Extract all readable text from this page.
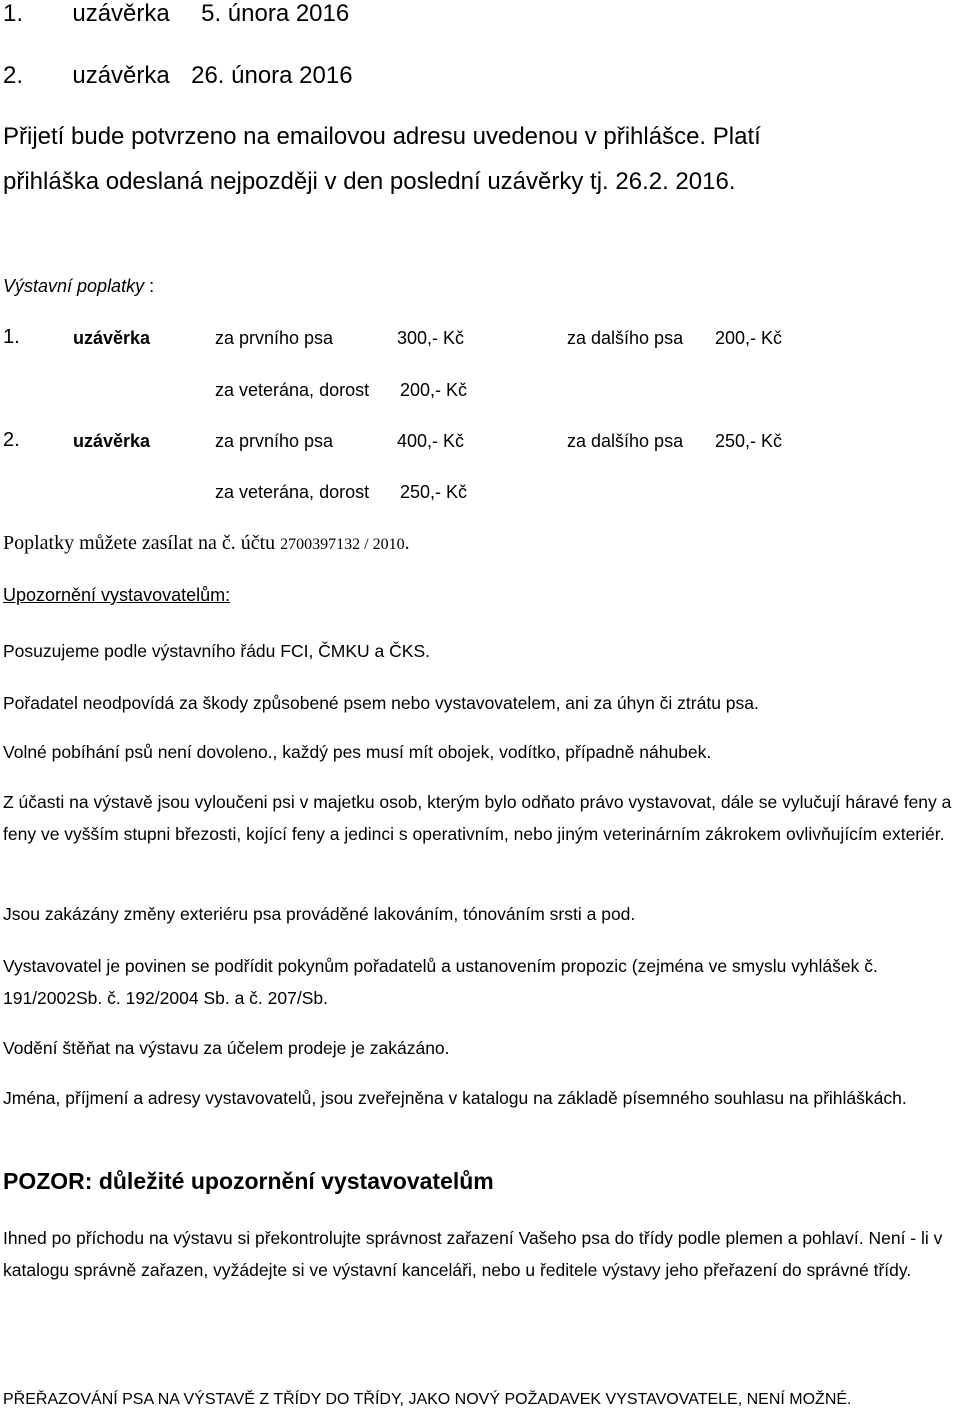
1. uzávěrka 5. února 2016
2. uzávěrka 26. února 2016
Přijetí bude potvrzeno na emailovou adresu uvedenou v přihlášce. Platí
přihláška odeslaná nejpozději v den poslední uzávěrky tj. 26.2. 2016.
Výstavní poplatky :
1.	uzávěrka	za prvního psa	300,- Kč	za dalšího psa 200,- Kč
za veterána, dorost 200,- Kč
2.	uzávěrka	za prvního psa	400,- Kč	za dalšího psa 250,- Kč
za veterána, dorost 250,- Kč
Poplatky můžete zasílat na č. účtu 2700397132 / 2010.
Upozornění vystavovatelům:
Posuzujeme podle výstavního řádu FCI, ČMKU a ČKS.
Pořadatel neodpovídá za škody způsobené psem nebo vystavovatelem, ani za úhyn či ztrátu psa.
Volné pobíhání psů není dovoleno., každý pes musí mít obojek, vodítko, případně náhubek.
Z účasti na výstavě jsou vyloučeni psi v majetku osob, kterým bylo odňato právo vystavovat, dále se vylučují háravé feny a feny ve vyšším stupni březosti, kojící feny a jedinci s operativním, nebo jiným veterinárním zákrokem ovlivňujícím exteriér.
Jsou zakázány změny exteriéru psa prováděné lakováním, tónováním srsti a pod.
Vystavovatel je povinen se podřídit pokynům pořadatelů a ustanovením propozic (zejména ve smyslu vyhlášek č. 191/2002Sb. č. 192/2004 Sb. a č. 207/Sb.
Vodění štěňat na výstavu za účelem prodeje je zakázáno.
Jména, příjmení a adresy vystavovatelů, jsou zveřejněna v katalogu na základě písemného souhlasu na přihláškách.
POZOR: důležité upozornění vystavovatelům
Ihned po příchodu na výstavu si překontrolujte správnost zařazení Vašeho psa do třídy podle plemen a pohlaví. Není - li v katalogu správně zařazen, vyžádejte si ve výstavní kanceláři, nebo u ředitele výstavy jeho přeřazení do správné třídy.
PŘEŘAZOVÁNÍ PSA NA VÝSTAVĚ Z TŘÍDY DO TŘÍDY, JAKO NOVÝ POŽADAVEK VYSTAVOVATELE, NENÍ MOŽNÉ.
